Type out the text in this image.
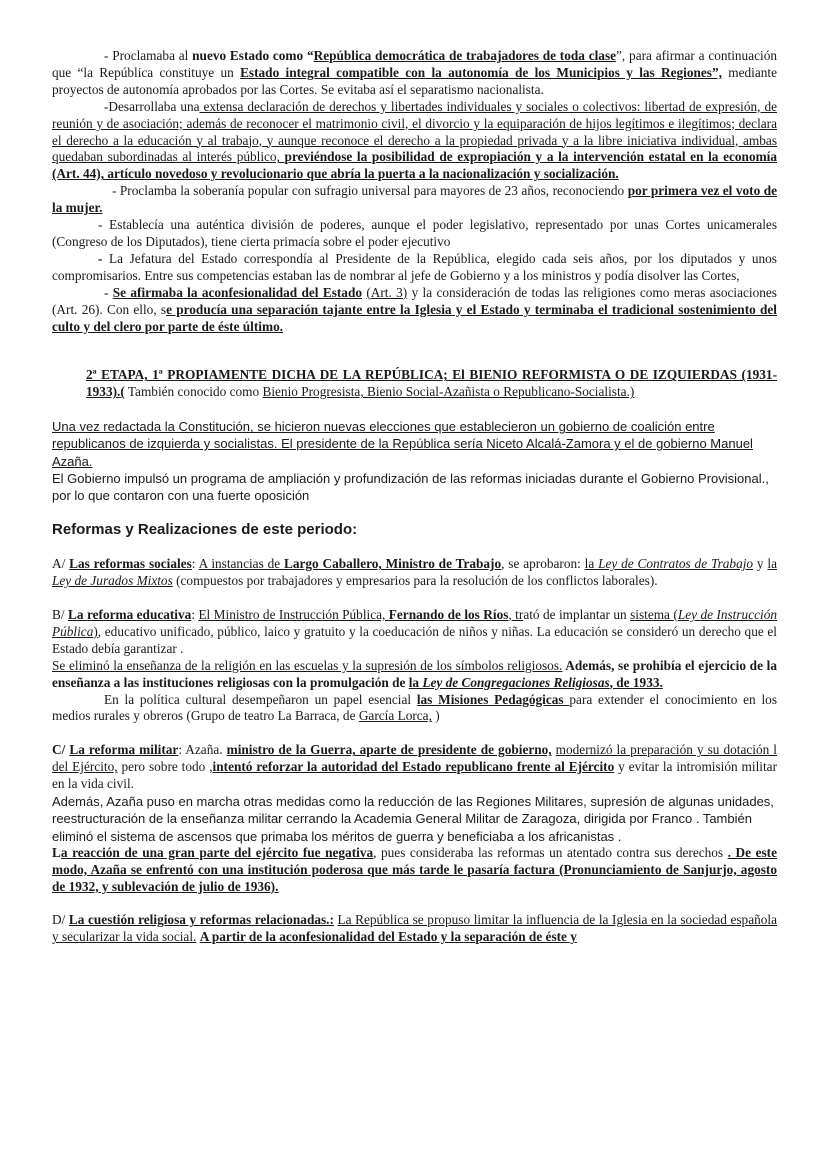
- Proclamaba al nuevo Estado como “República democrática de trabajadores de toda clase”, para afirmar a continuación que “la República constituye un Estado integral compatible con la autonomía de los Municipios y las Regiones”, mediante proyectos de autonomía aprobados por las Cortes. Se evitaba así el separatismo nacionalista.

-Desarrollaba una extensa declaración de derechos y libertades individuales y sociales o colectivos: libertad de expresión, de reunión y de asociación; además de reconocer el matrimonio civil, el divorcio y la equiparación de hijos legítimos e ilegítimos; declara el derecho a la educación y al trabajo, y aunque reconoce el derecho a la propiedad privada y a la libre iniciativa individual, ambas quedaban subordinadas al interés público, previéndose la posibilidad de expropiación y a la intervención estatal en la economía (Art. 44), artículo novedoso y revolucionario que abría la puerta a la nacionalización y socialización.

- Proclamba la soberanía popular con sufragio universal para mayores de 23 años, reconociendo por primera vez el voto de la mujer.

- Establecía una auténtica división de poderes, aunque el poder legislativo, representado por unas Cortes unicamerales (Congreso de los Diputados), tiene cierta primacía sobre el poder ejecutivo

- La Jefatura del Estado correspondía al Presidente de la República, elegido cada seis años, por los diputados y unos compromisarios. Entre sus competencias estaban las de nombrar al jefe de Gobierno y a los ministros y podía disolver las Cortes,

- Se afirmaba la aconfesionalidad del Estado (Art. 3) y la consideración de todas las religiones como meras asociaciones (Art. 26). Con ello, se producía una separación tajante entre la Iglesia y el Estado y terminaba el tradicional sostenimiento del culto y del clero por parte de éste último.

2ª ETAPA, 1ª PROPIAMENTE DICHA DE LA REPÚBLICA; El BIENIO REFORMISTA O DE IZQUIERDAS (1931-1933).( También conocido como Bienio Progresista, Bienio Social-Azañista o Republicano-Socialista.)

Una vez redactada la Constitución, se hicieron nuevas elecciones que establecieron un gobierno de coalición entre republicanos de izquierda y socialistas. El presidente de la República sería Niceto Alcalá-Zamora y el de gobierno Manuel Azaña.

El Gobierno impulsó un programa de ampliación y profundización de las reformas iniciadas durante el Gobierno Provisional., por lo que contaron con una fuerte oposición

Reformas y Realizaciones de este periodo:

A/ Las reformas sociales: A instancias de Largo Caballero, Ministro de Trabajo, se aprobaron: la Ley de Contratos de Trabajo y la Ley de Jurados Mixtos (compuestos por trabajadores y empresarios para la resolución de los conflictos laborales).

B/ La reforma educativa: El Ministro de Instrucción Pública, Fernando de los Ríos, trató de implantar un sistema (Ley de Instrucción Pública), educativo unificado, público, laico y gratuito y la coeducación de niños y niñas. La educación se consideró un derecho que el Estado debía garantizar .

Se eliminó la enseñanza de la religión en las escuelas y la supresión de los símbolos religiosos. Además, se prohibía el ejercicio de la enseñanza a las instituciones religiosas con la promulgación de la Ley de Congregaciones Religiosas, de 1933.

En la política cultural desempeñaron un papel esencial las Misiones Pedagógicas para extender el conocimiento en los medios rurales y obreros (Grupo de teatro La Barraca, de García Lorca, )

C/ La reforma militar: Azaña. ministro de la Guerra, aparte de presidente de gobierno, modernizó la preparación y su dotación l del Ejército, pero sobre todo ,intentó reforzar la autoridad del Estado republicano frente al Ejército y evitar la intromisión militar en la vida civil.

Además, Azaña puso en marcha otras medidas como la reducción de las Regiones Militares, supresión de algunas unidades, reestructuración de la enseñanza militar cerrando la Academia General Militar de Zaragoza, dirigida por Franco . También eliminó el sistema de ascensos que primaba los méritos de guerra y beneficiaba a los africanistas .

La reacción de una gran parte del ejército fue negativa, pues consideraba las reformas un atentado contra sus derechos . De este modo, Azaña se enfrentó con una institución poderosa que más tarde le pasaría factura (Pronunciamiento de Sanjurjo, agosto de 1932, y sublevación de julio de 1936).

D/ La cuestión religiosa y reformas relacionadas.: La República se propuso limitar la influencia de la Iglesia en la sociedad española y secularizar la vida social. A partir de la aconfesionalidad del Estado y la separación de éste y
